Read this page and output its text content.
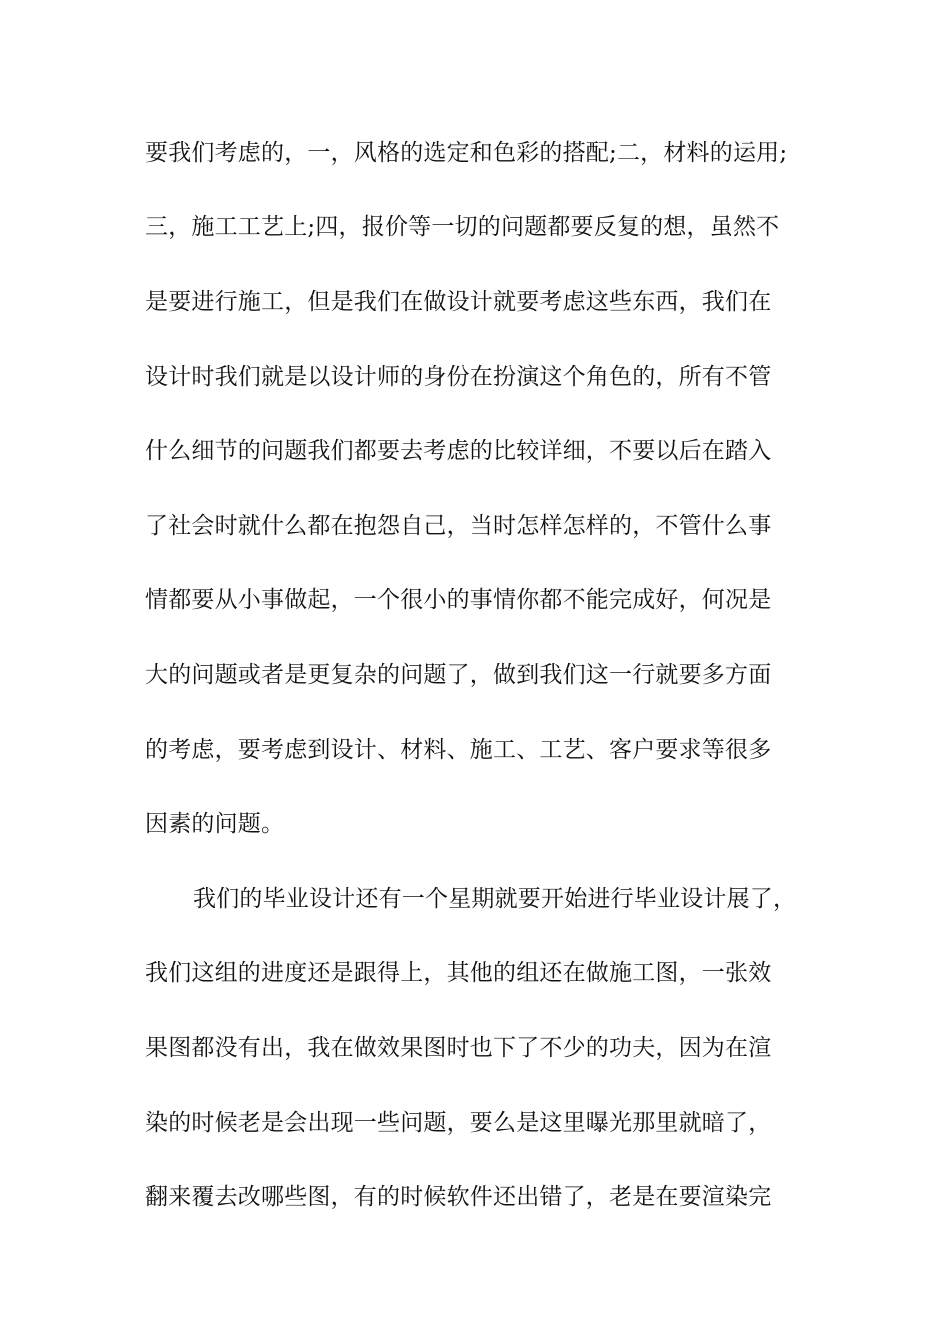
要我们考虑的，一，风格的选定和色彩的搭配;二，材料的运用;
三，施工工艺上;四，报价等一切的问题都要反复的想，虽然不
是要进行施工，但是我们在做设计就要考虑这些东西，我们在
设计时我们就是以设计师的身份在扮演这个角色的，所有不管
什么细节的问题我们都要去考虑的比较详细，不要以后在踏入
了社会时就什么都在抱怨自己，当时怎样怎样的，不管什么事
情都要从小事做起，一个很小的事情你都不能完成好，何况是
大的问题或者是更复杂的问题了，做到我们这一行就要多方面
的考虑，要考虑到设计、材料、施工、工艺、客户要求等很多
因素的问题。
我们的毕业设计还有一个星期就要开始进行毕业设计展了，
我们这组的进度还是跟得上，其他的组还在做施工图，一张效
果图都没有出，我在做效果图时也下了不少的功夫，因为在渲
染的时候老是会出现一些问题，要么是这里曝光那里就暗了，
翻来覆去改哪些图，有的时候软件还出错了，老是在要渲染完
